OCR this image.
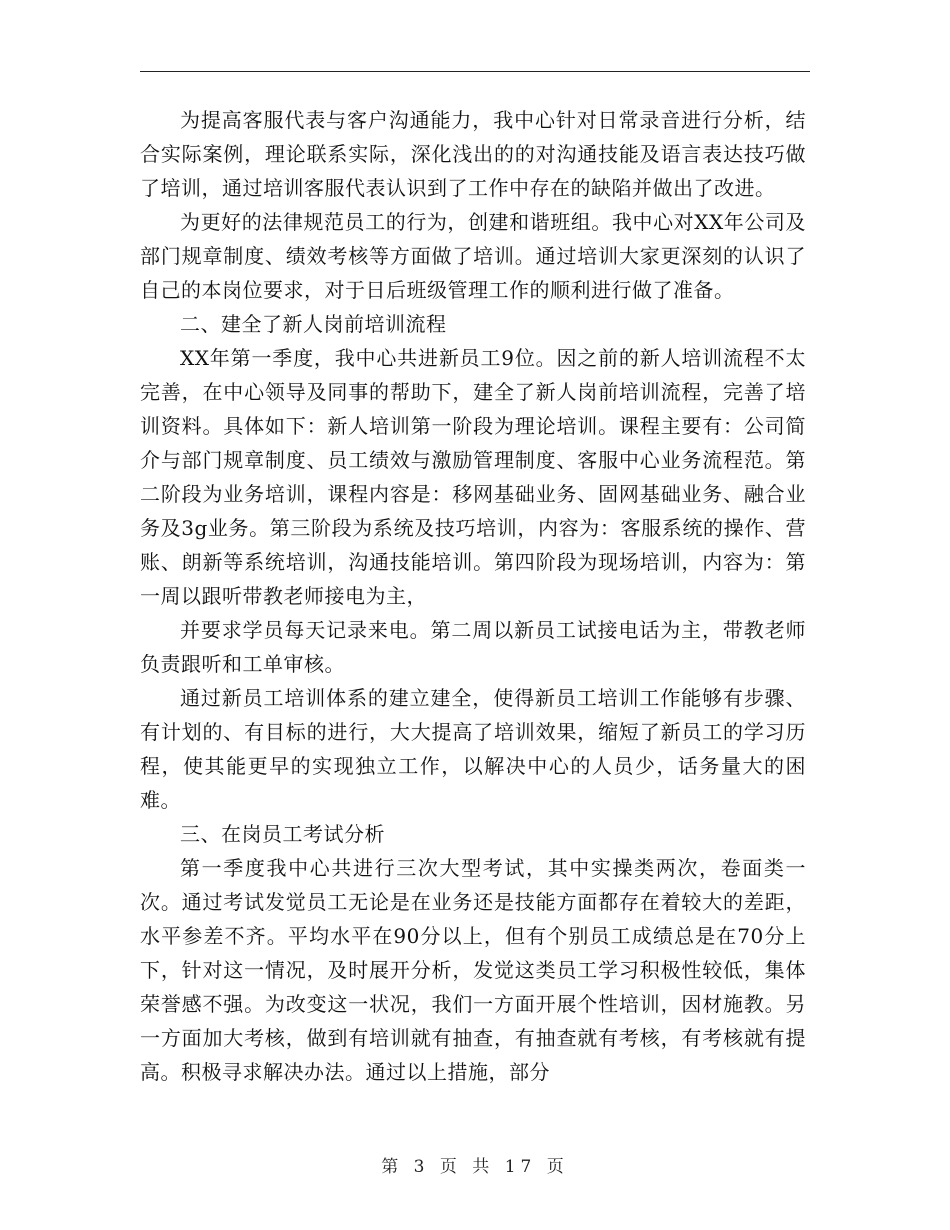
为提高客服代表与客户沟通能力，我中心针对日常录音进行分析，结合实际案例，理论联系实际，深化浅出的的对沟通技能及语言表达技巧做了培训，通过培训客服代表认识到了工作中存在的缺陷并做出了改进。

为更好的法律规范员工的行为，创建和谐班组。我中心对XX年公司及部门规章制度、绩效考核等方面做了培训。通过培训大家更深刻的认识了自己的本岗位要求，对于日后班级管理工作的顺利进行做了准备。

二、建全了新人岗前培训流程

XX年第一季度，我中心共进新员工9位。因之前的新人培训流程不太完善，在中心领导及同事的帮助下，建全了新人岗前培训流程，完善了培训资料。具体如下：新人培训第一阶段为理论培训。课程主要有：公司简介与部门规章制度、员工绩效与激励管理制度、客服中心业务流程范。第二阶段为业务培训，课程内容是：移网基础业务、固网基础业务、融合业务及3g业务。第三阶段为系统及技巧培训，内容为：客服系统的操作、营账、朗新等系统培训，沟通技能培训。第四阶段为现场培训，内容为：第一周以跟听带教老师接电为主，

并要求学员每天记录来电。第二周以新员工试接电话为主，带教老师负责跟听和工单审核。

通过新员工培训体系的建立建全，使得新员工培训工作能够有步骤、有计划的、有目标的进行，大大提高了培训效果，缩短了新员工的学习历程，使其能更早的实现独立工作，以解决中心的人员少，话务量大的困难。

三、在岗员工考试分析

第一季度我中心共进行三次大型考试，其中实操类两次，卷面类一次。通过考试发觉员工无论是在业务还是技能方面都存在着较大的差距，水平参差不齐。平均水平在90分以上，但有个别员工成绩总是在70分上下，针对这一情况，及时展开分析，发觉这类员工学习积极性较低，集体荣誉感不强。为改变这一状况，我们一方面开展个性培训，因材施教。另一方面加大考核，做到有培训就有抽查，有抽查就有考核，有考核就有提高。积极寻求解决办法。通过以上措施，部分

第 3 页 共 17 页
